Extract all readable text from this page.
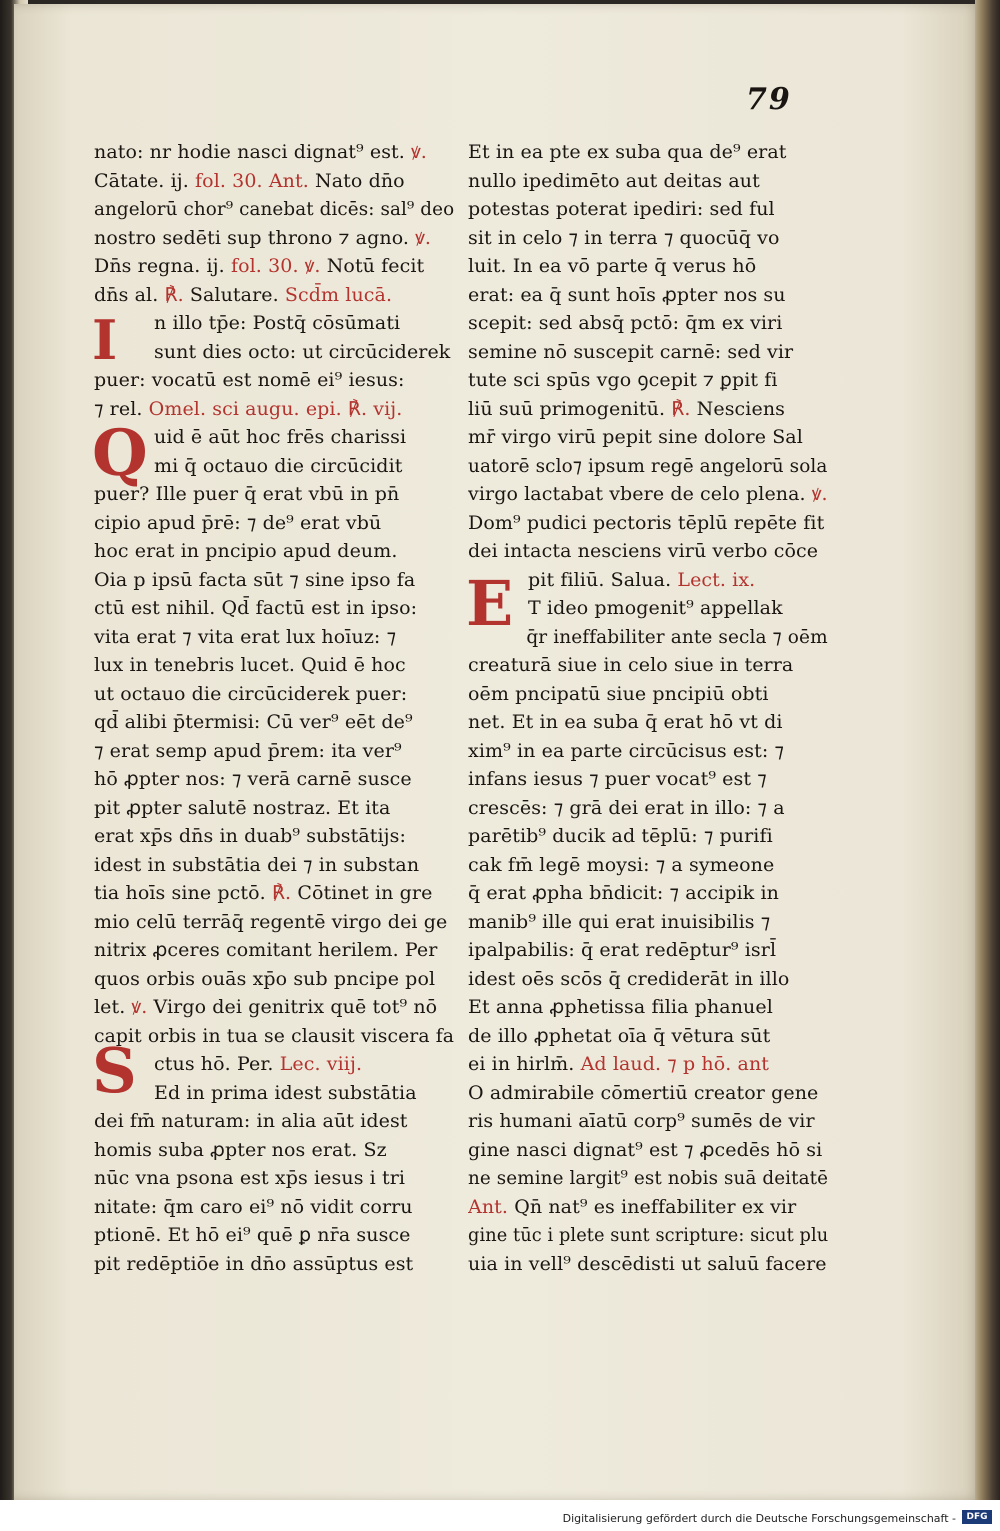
79
I
Q
S
E
nato: nr hodie nasci dignat⁹ est. ꝟ.
Cātate. ij. fol. 30. Ant. Nato dn̄o
angelorū chor⁹ canebat dicēs: sal⁹ deo
nostro sedēti sup throno ⁊ agno. ꝟ.
Dn̄s regna. ij. fol. 30. ꝟ. Notū fecit
dn̄s al. ℟. Salutare. Scd̄m lucā.
n illo tp̄e: Postq̄ cōsūmati
sunt dies octo: ut circūciderek
puer: vocatū est nomē ei⁹ iesus:
⁊ rel. Omel. sci augu. epi. ℟. vij.
uid ē aūt hoc frēs charissi
mi q̄ octauo die circūcidit
puer? Ille puer q̄ erat vbū in pn̄
cipio apud p̄rē: ⁊ de⁹ erat vbū
hoc erat in pncipio apud deum.
Oia p ipsū facta sūt ⁊ sine ipso fa
ctū est nihil. Qd̄ factū est in ipso:
vita erat ⁊ vita erat lux hoīuz: ⁊
lux in tenebris lucet. Quid ē hoc
ut octauo die circūciderek puer:
qd̄ alibi p̄termisi: Cū ver⁹ eēt de⁹
⁊ erat semp apud p̄rem: ita ver⁹
hō ꝓpter nos: ⁊ verā carnē susce
pit ꝓpter salutē nostraz. Et ita
erat xp̄s dn̄s in duab⁹ substātijs:
idest in substātia dei ⁊ in substan
tia hoīs sine pctō. ℟. Cōtinet in gre
mio celū terrāq̄ regentē virgo dei ge
nitrix ꝓceres comitant herilem. Per
quos orbis ouās xp̄o sub pncipe pol
let. ꝟ. Virgo dei genitrix quē tot⁹ nō
capit orbis in tua se clausit viscera fa
ctus hō. Per. Lec. viij.
Ed in prima idest substātia
dei fm̄ naturam: in alia aūt idest
homis suba ꝓpter nos erat. Sz
nūc vna psona est xp̄s iesus i tri
nitate: q̄m caro ei⁹ nō vidit corru
ptionē. Et hō ei⁹ quē ꝑ nr̄a susce
pit redēptiōe in dn̄o assūptus est
Et in ea pte ex suba qua de⁹ erat
nullo ipedimēto aut deitas aut
potestas poterat ipediri: sed ful
sit in celo ⁊ in terra ⁊ quocūq̄ vo
luit. In ea vō parte q̄ verus hō
erat: ea q̄ sunt hoīs ꝓpter nos su
scepit: sed absq̄ pctō: q̄m ex viri
semine nō suscepit carnē: sed vir
tute sci spūs vgo ꝯcepit ⁊ ꝑpit fi
liū suū primogenitū. ℟. Nesciens
mr̄ virgo virū pepit sine dolore Sal
uatorē sclo⁊ ipsum regē angelorū sola
virgo lactabat vbere de celo plena. ꝟ.
Dom⁹ pudici pectoris tēplū repēte fit
dei intacta nesciens virū verbo cōce
pit filiū. Salua. Lect. ix.
T ideo pmogenit⁹ appellak
q̄r ineffabiliter ante secla ⁊ oēm
creaturā siue in celo siue in terra
oēm pncipatū siue pncipiū obti
net. Et in ea suba q̄ erat hō vt di
xim⁹ in ea parte circūcisus est: ⁊
infans iesus ⁊ puer vocat⁹ est ⁊
crescēs: ⁊ grā dei erat in illo: ⁊ a
parētib⁹ ducik ad tēplū: ⁊ purifi
cak fm̄ legē moysi: ⁊ a symeone
q̄ erat ꝓpha bn̄dicit: ⁊ accipik in
manib⁹ ille qui erat inuisibilis ⁊
ipalpabilis: q̄ erat redēptur⁹ isrl̄
idest oēs scōs q̄ crediderāt in illo
Et anna ꝓphetissa filia phanuel
de illo ꝓphetat oīa q̄ vētura sūt
ei in hirlm̄. Ad laud. ⁊ p hō. ant
O admirabile cōmertiū creator gene
ris humani aīatū corp⁹ sumēs de vir
gine nasci dignat⁹ est ⁊ ꝓcedēs hō si
ne semine largit⁹ est nobis suā deitatē
Ant. Qn̄ nat⁹ es ineffabiliter ex vir
gine tūc i plete sunt scripture: sicut plu
uia in vell⁹ descēdisti ut saluū facere
Digitalisierung gefördert durch die Deutsche Forschungsgemeinschaft -	DFG
